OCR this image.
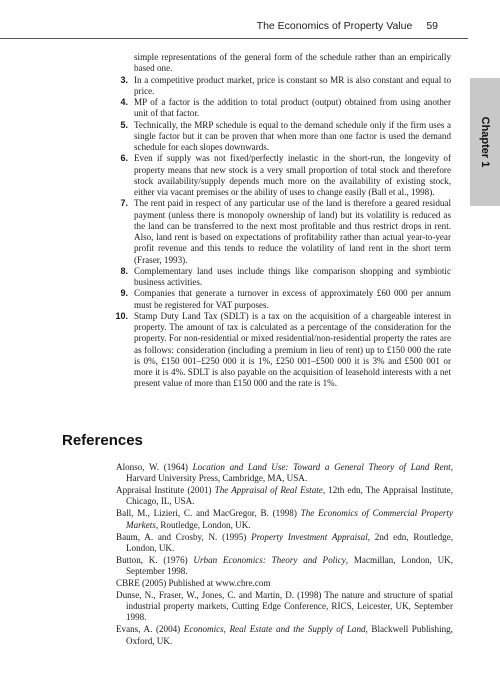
The Economics of Property Value 59
Chapter 1

simple representations of the general form of the schedule rather than an empirically based one.

3. In a competitive product market, price is constant so MR is also constant and equal to price.

4. MP of a factor is the addition to total product (output) obtained from using another unit of that factor.

5. Technically, the MRP schedule is equal to the demand schedule only if the firm uses a single factor but it can be proven that when more than one factor is used the demand schedule for each slopes downwards.

6. Even if supply was not fixed/perfectly inelastic in the short-run, the longevity of property means that new stock is a very small proportion of total stock and therefore stock availability/supply depends much more on the availability of existing stock, either via vacant premises or the ability of uses to change easily (Ball et al., 1998).

7. The rent paid in respect of any particular use of the land is therefore a geared residual payment (unless there is monopoly ownership of land) but its volatility is reduced as the land can be transferred to the next most profitable and thus restrict drops in rent. Also, land rent is based on expectations of profitability rather than actual year-to-year profit revenue and this tends to reduce the volatility of land rent in the short term (Fraser, 1993).

8. Complementary land uses include things like comparison shopping and symbiotic business activities.

9. Companies that generate a turnover in excess of approximately £60 000 per annum must be registered for VAT purposes.

10. Stamp Duty Land Tax (SDLT) is a tax on the acquisition of a chargeable interest in property. The amount of tax is calculated as a percentage of the consideration for the property. For non-residential or mixed residential/non-residential property the rates are as follows: consideration (including a premium in lieu of rent) up to £150 000 the rate is 0%, £150 001–£250 000 it is 1%, £250 001–£500 000 it is 3% and £500 001 or more it is 4%. SDLT is also payable on the acquisition of leasehold interests with a net present value of more than £150 000 and the rate is 1%.

References

Alonso, W. (1964) Location and Land Use: Toward a General Theory of Land Rent, Harvard University Press, Cambridge, MA, USA.

Appraisal Institute (2001) The Appraisal of Real Estate, 12th edn, The Appraisal Institute, Chicago, IL, USA.

Ball, M., Lizieri, C. and MacGregor, B. (1998) The Economics of Commercial Property Markets, Routledge, London, UK.

Baum, A. and Crosby, N. (1995) Property Investment Appraisal, 2nd edn, Routledge, London, UK.

Button, K. (1976) Urban Economics: Theory and Policy, Macmillan, London, UK, September 1998.

CBRE (2005) Published at www.cbre.com

Dunse, N., Fraser, W., Jones, C. and Martin, D. (1998) The nature and structure of spatial industrial property markets, Cutting Edge Conference, RICS, Leicester, UK, September 1998.

Evans, A. (2004) Economics, Real Estate and the Supply of Land, Blackwell Publishing, Oxford, UK.
